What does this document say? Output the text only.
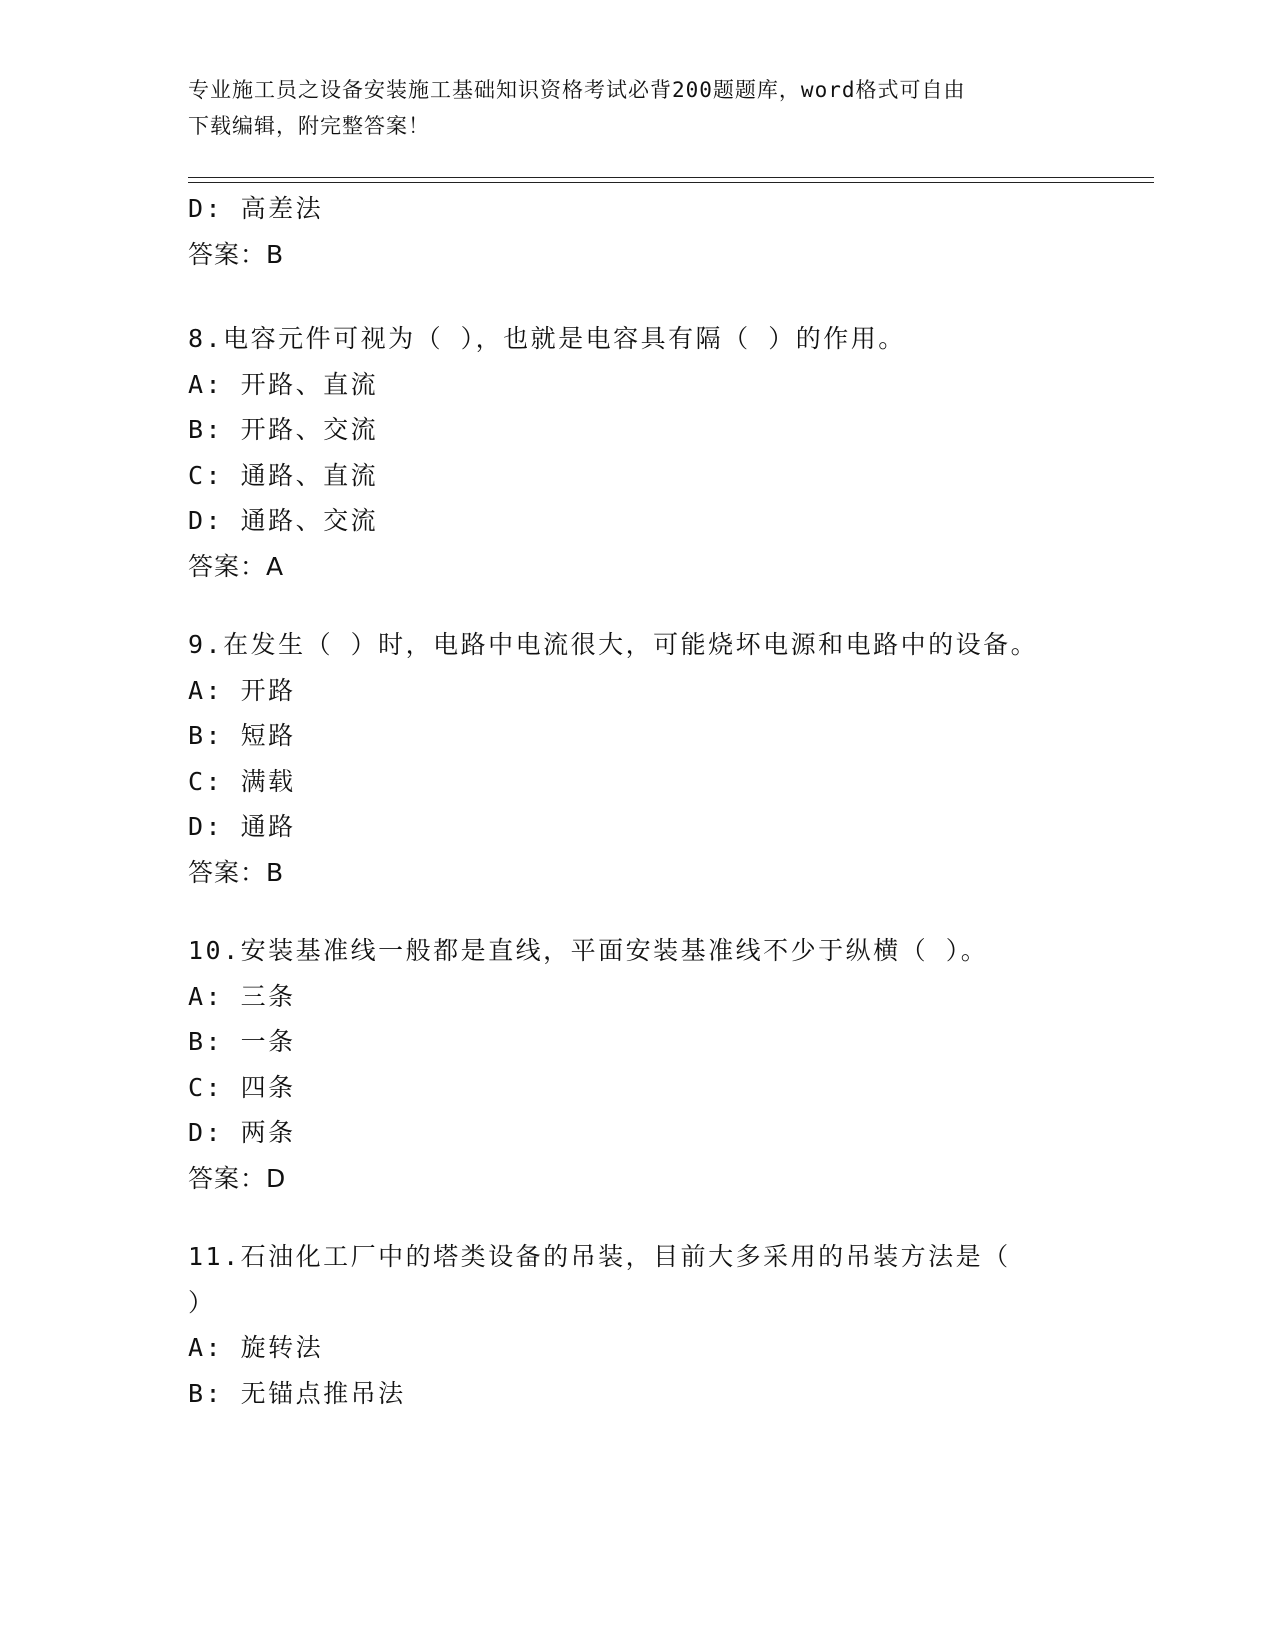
专业施工员之设备安装施工基础知识资格考试必背200题题库，word格式可自由
下载编辑，附完整答案！
D: 高差法
答案：B
8.电容元件可视为（ ），也就是电容具有隔（ ）的作用。
A: 开路、直流
B: 开路、交流
C: 通路、直流
D: 通路、交流
答案：A
9.在发生（ ）时，电路中电流很大，可能烧坏电源和电路中的设备。
A: 开路
B: 短路
C: 满载
D: 通路
答案：B
10.安装基准线一般都是直线，平面安装基准线不少于纵横（ ）。
A: 三条
B: 一条
C: 四条
D: 两条
答案：D
11.石油化工厂中的塔类设备的吊装，目前大多采用的吊装方法是（
）
A: 旋转法
B: 无锚点推吊法
